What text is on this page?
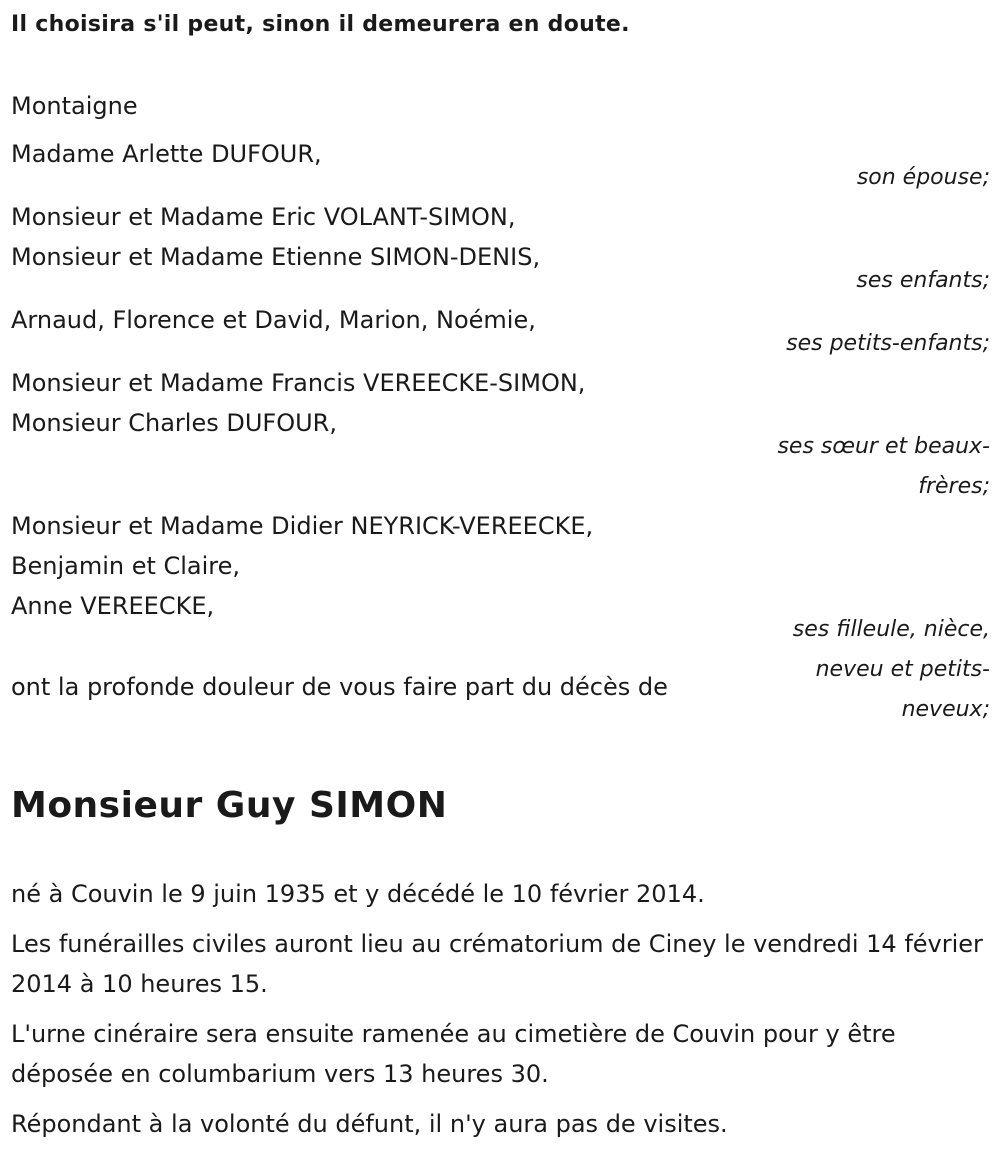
Il choisira s'il peut, sinon il demeurera en doute.
Montaigne
Madame Arlette DUFOUR,
son épouse;
Monsieur et Madame Eric VOLANT-SIMON,
Monsieur et Madame Etienne SIMON-DENIS,
ses enfants;
Arnaud, Florence et David, Marion, Noémie,
ses petits-enfants;
Monsieur et Madame Francis VEREECKE-SIMON,
Monsieur Charles DUFOUR,
ses sœur et beaux-
frères;
Monsieur et Madame Didier NEYRICK-VEREECKE,
Benjamin et Claire,
Anne VEREECKE,
ses filleule, nièce,
neveu et petits-
neveux;
ont la profonde douleur de vous faire part du décès de
Monsieur Guy SIMON
né à Couvin le 9 juin 1935 et y décédé le 10 février 2014.
Les funérailles civiles auront lieu au crématorium de Ciney le vendredi 14 février 2014 à 10 heures 15.
L'urne cinéraire sera ensuite ramenée au cimetière de Couvin pour y être déposée en columbarium vers 13 heures 30.
Répondant à la volonté du défunt, il n'y aura pas de visites.
